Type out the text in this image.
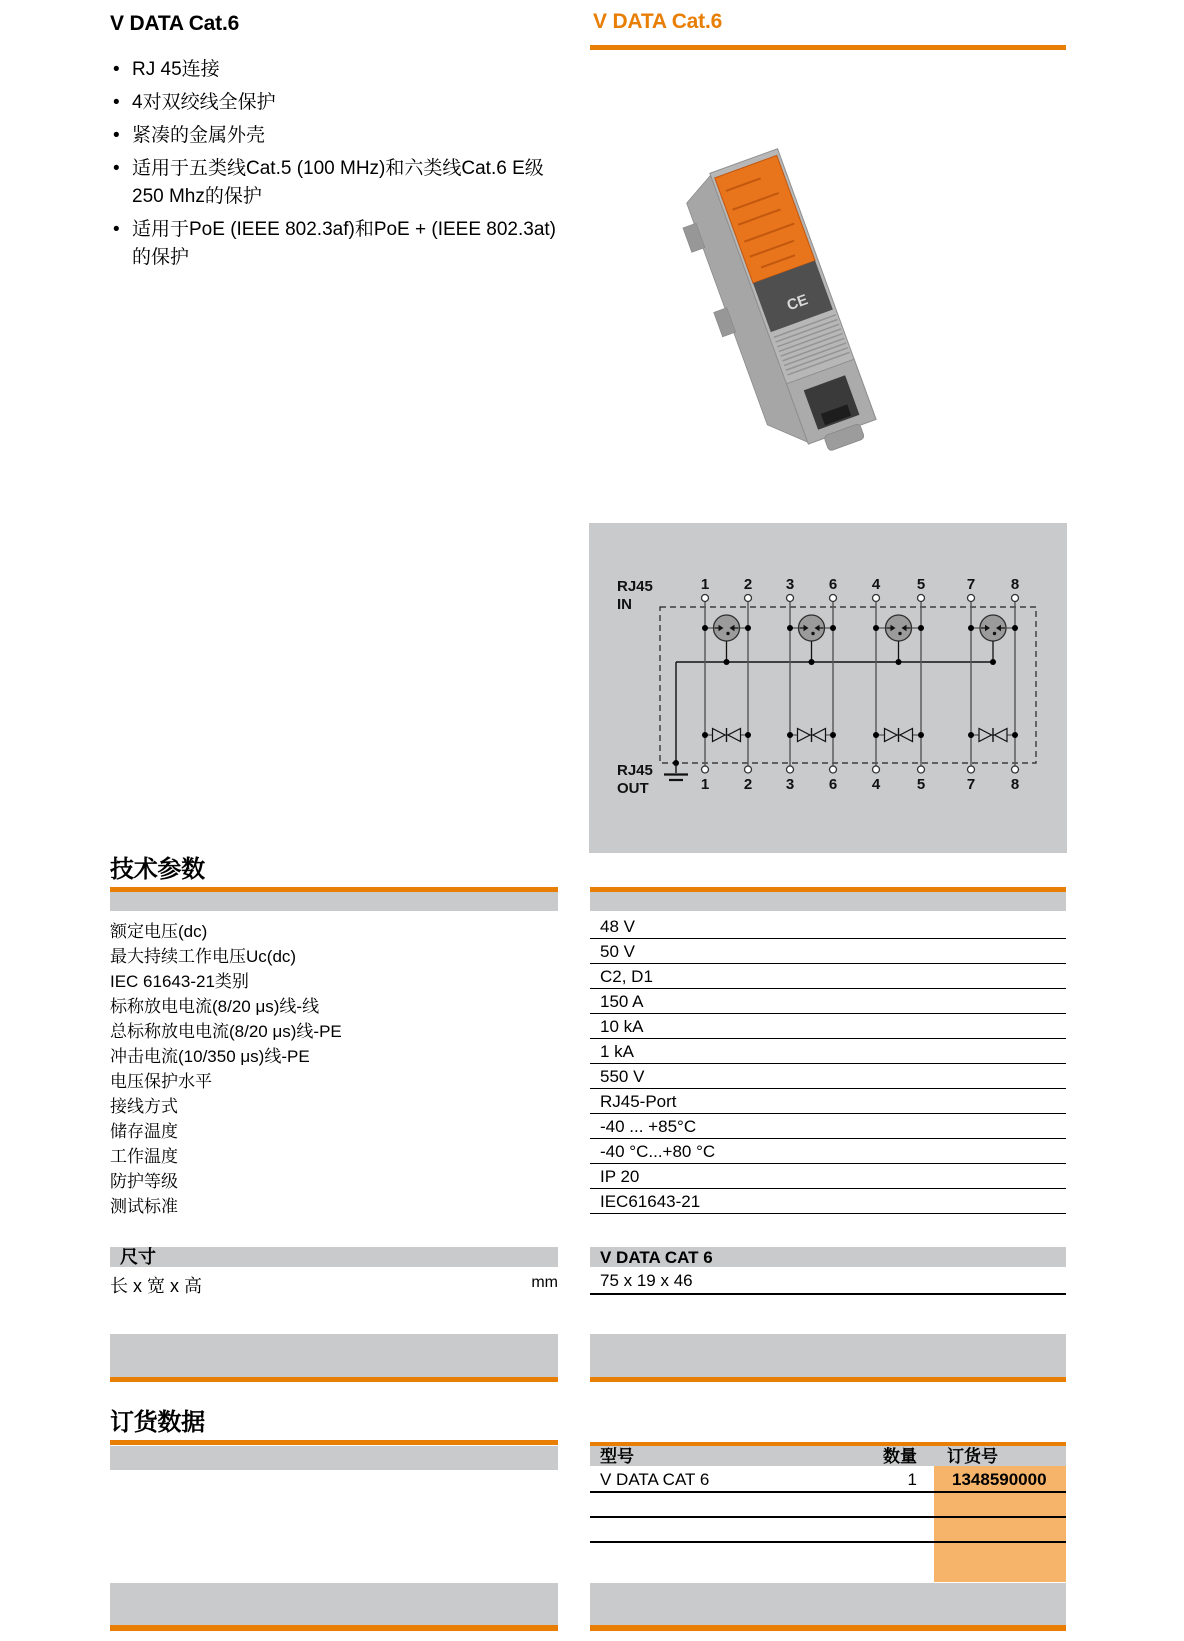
V DATA Cat.6
• RJ 45连接
• 4对双绞线全保护
• 紧凑的金属外壳
• 适用于五类线Cat.5 (100 MHz)和六类线Cat.6 E级250 Mhz的保护
• 适用于PoE (IEEE 802.3af)和PoE + (IEEE 802.3at) 的保护
V DATA Cat.6
CE
1
1
2
2
3
3
6
6
4
4
5
5
7
7
8
8
RJ45
IN
RJ45
OUT
技术参数
额定电压(dc)	48 V
最大持续工作电压Uc(dc)	50 V
IEC 61643-21类别	C2, D1
标称放电电流(8/20 μs)线-线	150 A
总标称放电电流(8/20 μs)线-PE	10 kA
冲击电流(10/350 μs)线-PE	1 kA
电压保护水平	550 V
接线方式	RJ45-Port
储存温度	-40 ... +85°C
工作温度	-40 °C...+80 °C
防护等级	IP 20
测试标准	IEC61643-21
尺寸	V DATA CAT 6
长 x 宽 x 高	mm	75 x 19 x 46
订货数据
型号	数量 订货号
V DATA CAT 6	1 1348590000
